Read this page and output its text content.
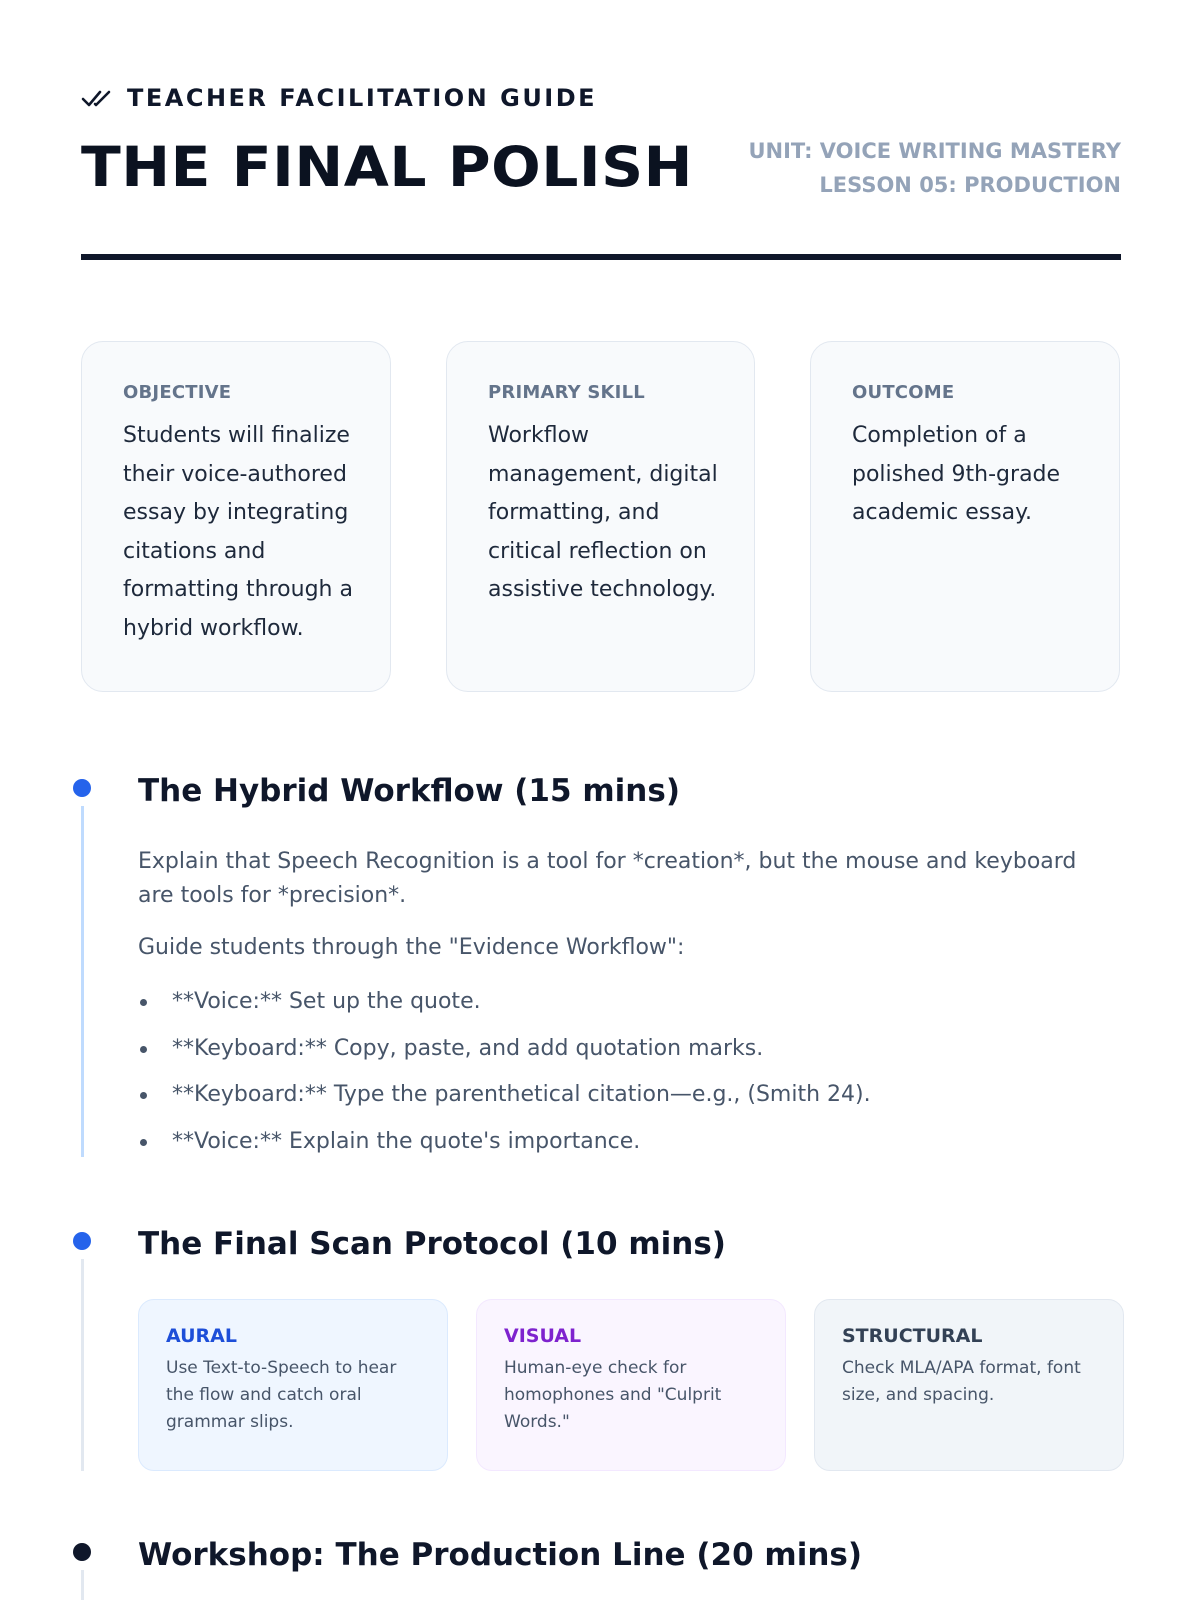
TEACHER FACILITATION GUIDE
THE FINAL POLISH	UNIT: VOICE WRITING MASTERY
LESSON 05: PRODUCTION
OBJECTIVE
Students will finalize their voice-authored essay by integrating citations and formatting through a hybrid workflow.
PRIMARY SKILL
Workflow management, digital formatting, and critical reflection on assistive technology.
OUTCOME
Completion of a polished 9th-grade academic essay.
The Hybrid Workflow (15 mins)

Explain that Speech Recognition is a tool for *creation*, but the mouse and keyboard are tools for *precision*.

Guide students through the "Evidence Workflow":

**Voice:** Set up the quote.
**Keyboard:** Copy, paste, and add quotation marks.
**Keyboard:** Type the parenthetical citation—e.g., (Smith 24).
**Voice:** Explain the quote's importance.
The Final Scan Protocol (10 mins)
AURAL
Use Text-to-Speech to hear the flow and catch oral grammar slips.
VISUAL
Human-eye check for homophones and "Culprit Words."
STRUCTURAL
Check MLA/APA format, font size, and spacing.
Workshop: The Production Line (20 mins)
